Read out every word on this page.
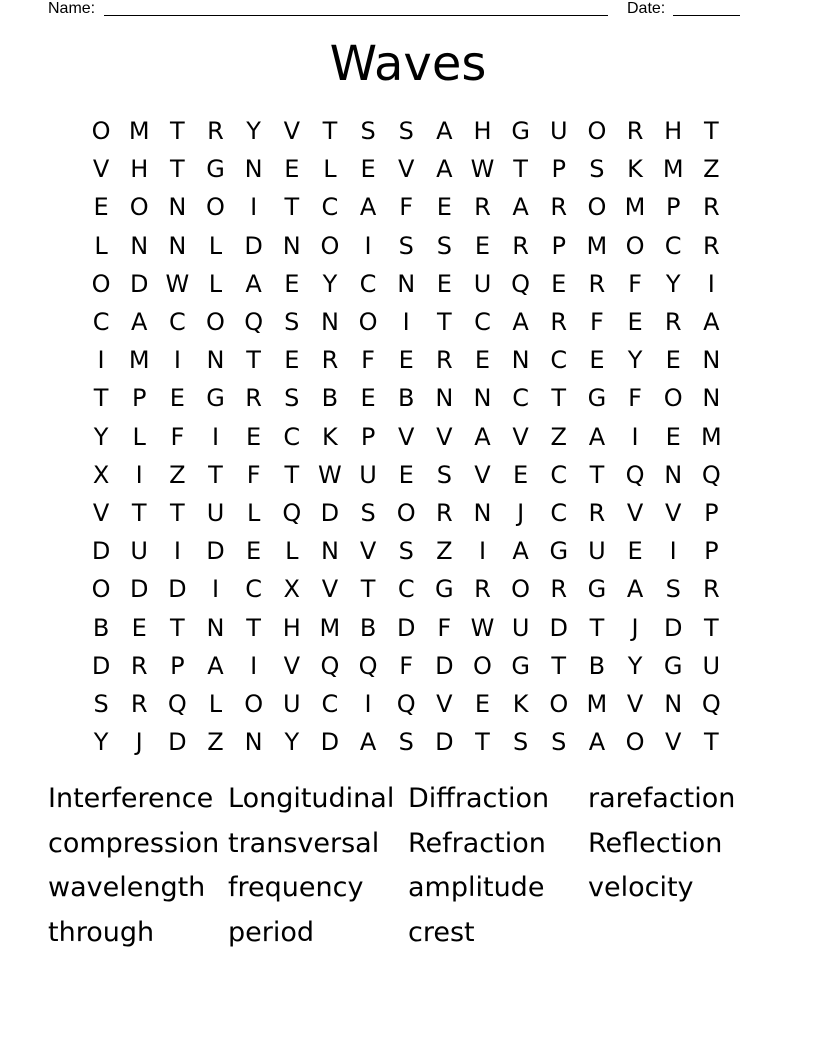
Name:	Date:
Waves
O M T R Y V T S S A H G U O R H T
V H T G N E L E V A W T P S K M Z
E O N O	I	T C A F E R A R O M P R
L N N L D N O	I	S S E R P M O C R
O D W L A E Y C N E U Q E R F Y	I
C A C O Q S N O	I	T C A R F E R A
I	M	I	N T E R F E R E N C E Y E N
T P E G R S B E B N N C T G F O N
Y	L	F	I	E C K P V V A V Z A	I	E M
X	I	Z T F T W U E S V E C T Q N Q
V T T U L Q D S O R N	J	C R V V P
D U	I	D E L N V S Z	I	A G U E	I	P
O D D	I	C X V T C G R O R G A S R
B E T N T H M B D F W U D T	J	D T
D R P A	I	V Q Q F D O G T B Y G U
S R Q L O U C	I	Q V E K O M V N Q
Y	J	D Z N Y D A S D T S S A O V T
Interference Longitudinal Diffraction	rarefaction
compression transversal	Refraction	Reflection
wavelength frequency	amplitude	velocity
through	period	crest
